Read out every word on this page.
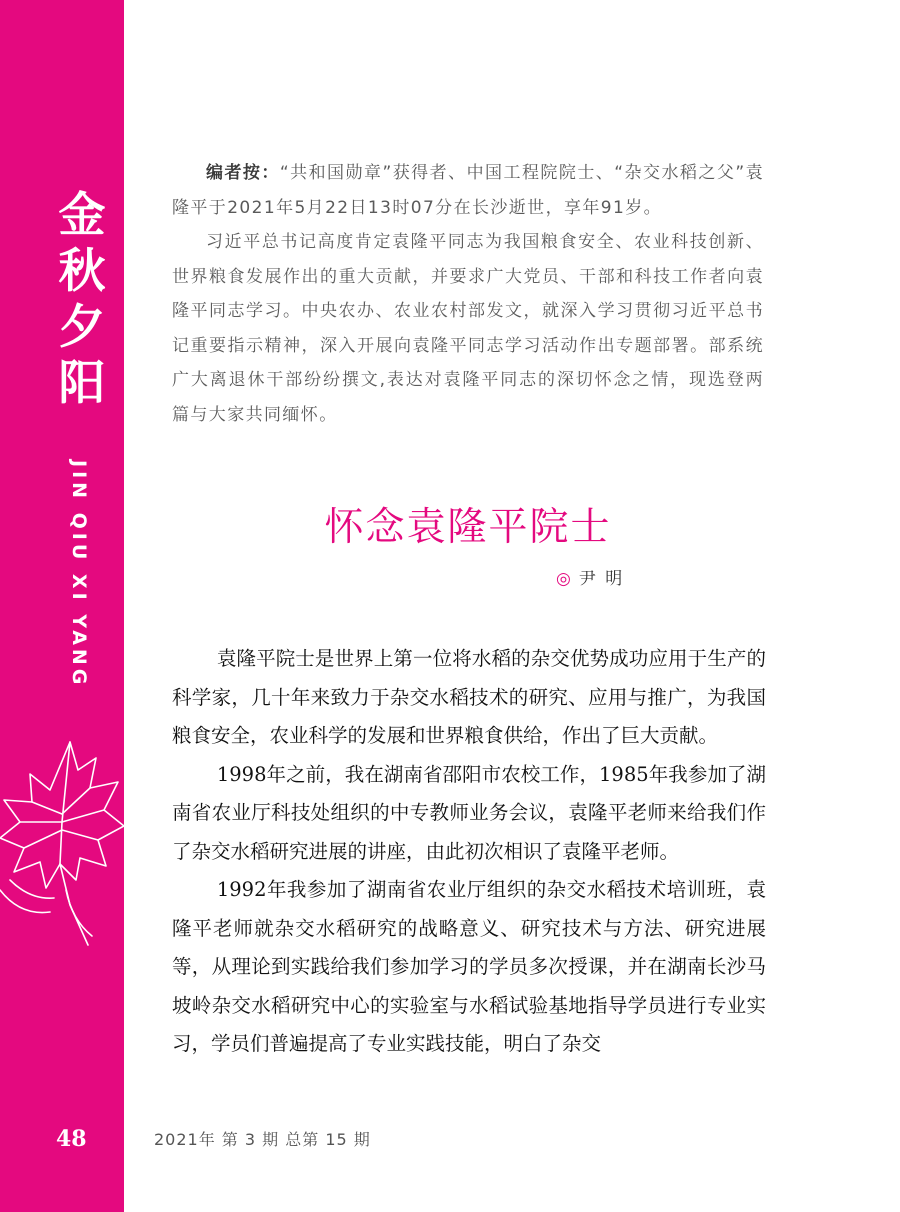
金
秋
夕
阳
JIN QIU XI YANG
48

编者按：“共和国勋章”获得者、中国工程院院士、“杂交水稻之父”袁隆平于2021年5月22日13时07分在长沙逝世，享年91岁。

习近平总书记高度肯定袁隆平同志为我国粮食安全、农业科技创新、世界粮食发展作出的重大贡献，并要求广大党员、干部和科技工作者向袁隆平同志学习。中央农办、农业农村部发文，就深入学习贯彻习近平总书记重要指示精神，深入开展向袁隆平同志学习活动作出专题部署。部系统广大离退休干部纷纷撰文,表达对袁隆平同志的深切怀念之情，现选登两篇与大家共同缅怀。

怀念袁隆平院士
◎ 尹 明

袁隆平院士是世界上第一位将水稻的杂交优势成功应用于生产的科学家，几十年来致力于杂交水稻技术的研究、应用与推广，为我国粮食安全，农业科学的发展和世界粮食供给，作出了巨大贡献。

1998年之前，我在湖南省邵阳市农校工作，1985年我参加了湖南省农业厅科技处组织的中专教师业务会议，袁隆平老师来给我们作了杂交水稻研究进展的讲座，由此初次相识了袁隆平老师。

1992年我参加了湖南省农业厅组织的杂交水稻技术培训班，袁隆平老师就杂交水稻研究的战略意义、研究技术与方法、研究进展等，从理论到实践给我们参加学习的学员多次授课，并在湖南长沙马坡岭杂交水稻研究中心的实验室与水稻试验基地指导学员进行专业实习，学员们普遍提高了专业实践技能，明白了杂交

2021年 第 3 期 总第 15 期
